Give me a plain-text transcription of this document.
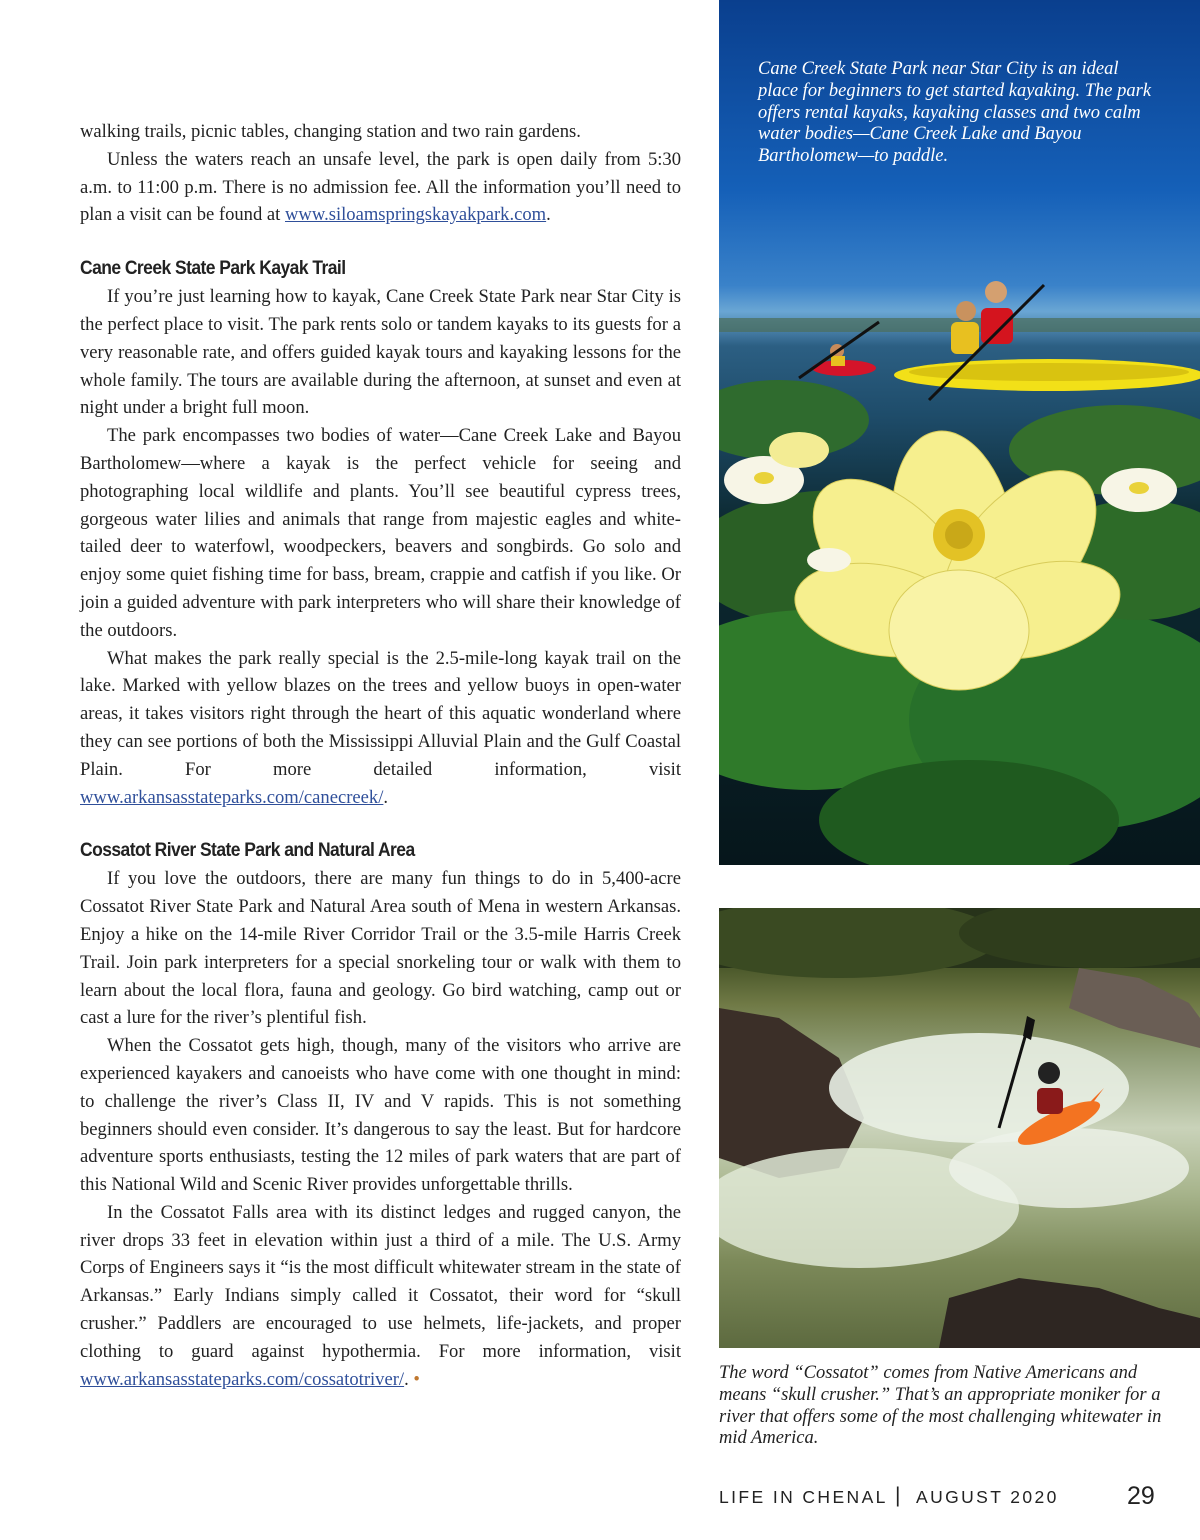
walking trails, picnic tables, changing station and two rain gardens.

Unless the waters reach an unsafe level, the park is open daily from 5:30 a.m. to 11:00 p.m. There is no admission fee. All the information you’ll need to plan a visit can be found at www.siloamspringskayakpark.com.

Cane Creek State Park Kayak Trail

If you’re just learning how to kayak, Cane Creek State Park near Star City is the perfect place to visit. The park rents solo or tandem kayaks to its guests for a very reasonable rate, and offers guided kayak tours and kayaking lessons for the whole family. The tours are available during the afternoon, at sunset and even at night under a bright full moon.

The park encompasses two bodies of water—Cane Creek Lake and Bayou Bartholomew—where a kayak is the perfect vehicle for seeing and photographing local wildlife and plants. You’ll see beautiful cypress trees, gorgeous water lilies and animals that range from majestic eagles and white-tailed deer to waterfowl, woodpeckers, beavers and songbirds. Go solo and enjoy some quiet fishing time for bass, bream, crappie and catfish if you like. Or join a guided adventure with park interpreters who will share their knowledge of the outdoors.

What makes the park really special is the 2.5-mile-long kayak trail on the lake. Marked with yellow blazes on the trees and yellow buoys in open-water areas, it takes visitors right through the heart of this aquatic wonderland where they can see portions of both the Mississippi Alluvial Plain and the Gulf Coastal Plain. For more detailed information, visit www.arkansasstateparks.com/canecreek/.

Cossatot River State Park and Natural Area

If you love the outdoors, there are many fun things to do in 5,400-acre Cossatot River State Park and Natural Area south of Mena in western Arkansas. Enjoy a hike on the 14-mile River Corridor Trail or the 3.5-mile Harris Creek Trail. Join park interpreters for a special snorkeling tour or walk with them to learn about the local flora, fauna and geology. Go bird watching, camp out or cast a lure for the river’s plentiful fish.

When the Cossatot gets high, though, many of the visitors who arrive are experienced kayakers and canoeists who have come with one thought in mind: to challenge the river’s Class II, IV and V rapids. This is not something beginners should even consider. It’s dangerous to say the least. But for hardcore adventure sports enthusiasts, testing the 12 miles of park waters that are part of this National Wild and Scenic River provides unforgettable thrills.

In the Cossatot Falls area with its distinct ledges and rugged canyon, the river drops 33 feet in elevation within just a third of a mile. The U.S. Army Corps of Engineers says it “is the most difficult whitewater stream in the state of Arkansas.” Early Indians simply called it Cossatot, their word for “skull crusher.” Paddlers are encouraged to use helmets, life-jackets, and proper clothing to guard against hypothermia. For more information, visit www.arkansasstateparks.com/cossatotriver/. •

Cane Creek State Park near Star City is an ideal place for beginners to get started kayaking. The park offers rental kayaks, kayaking classes and two calm water bodies—Cane Creek Lake and Bayou Bartholomew—to paddle.
The word “Cossatot” comes from Native Americans and means “skull crusher.” That’s an appropriate moniker for a river that offers some of the most challenging whitewater in mid America.
LIFE IN CHENAL | AUGUST 2020	29
